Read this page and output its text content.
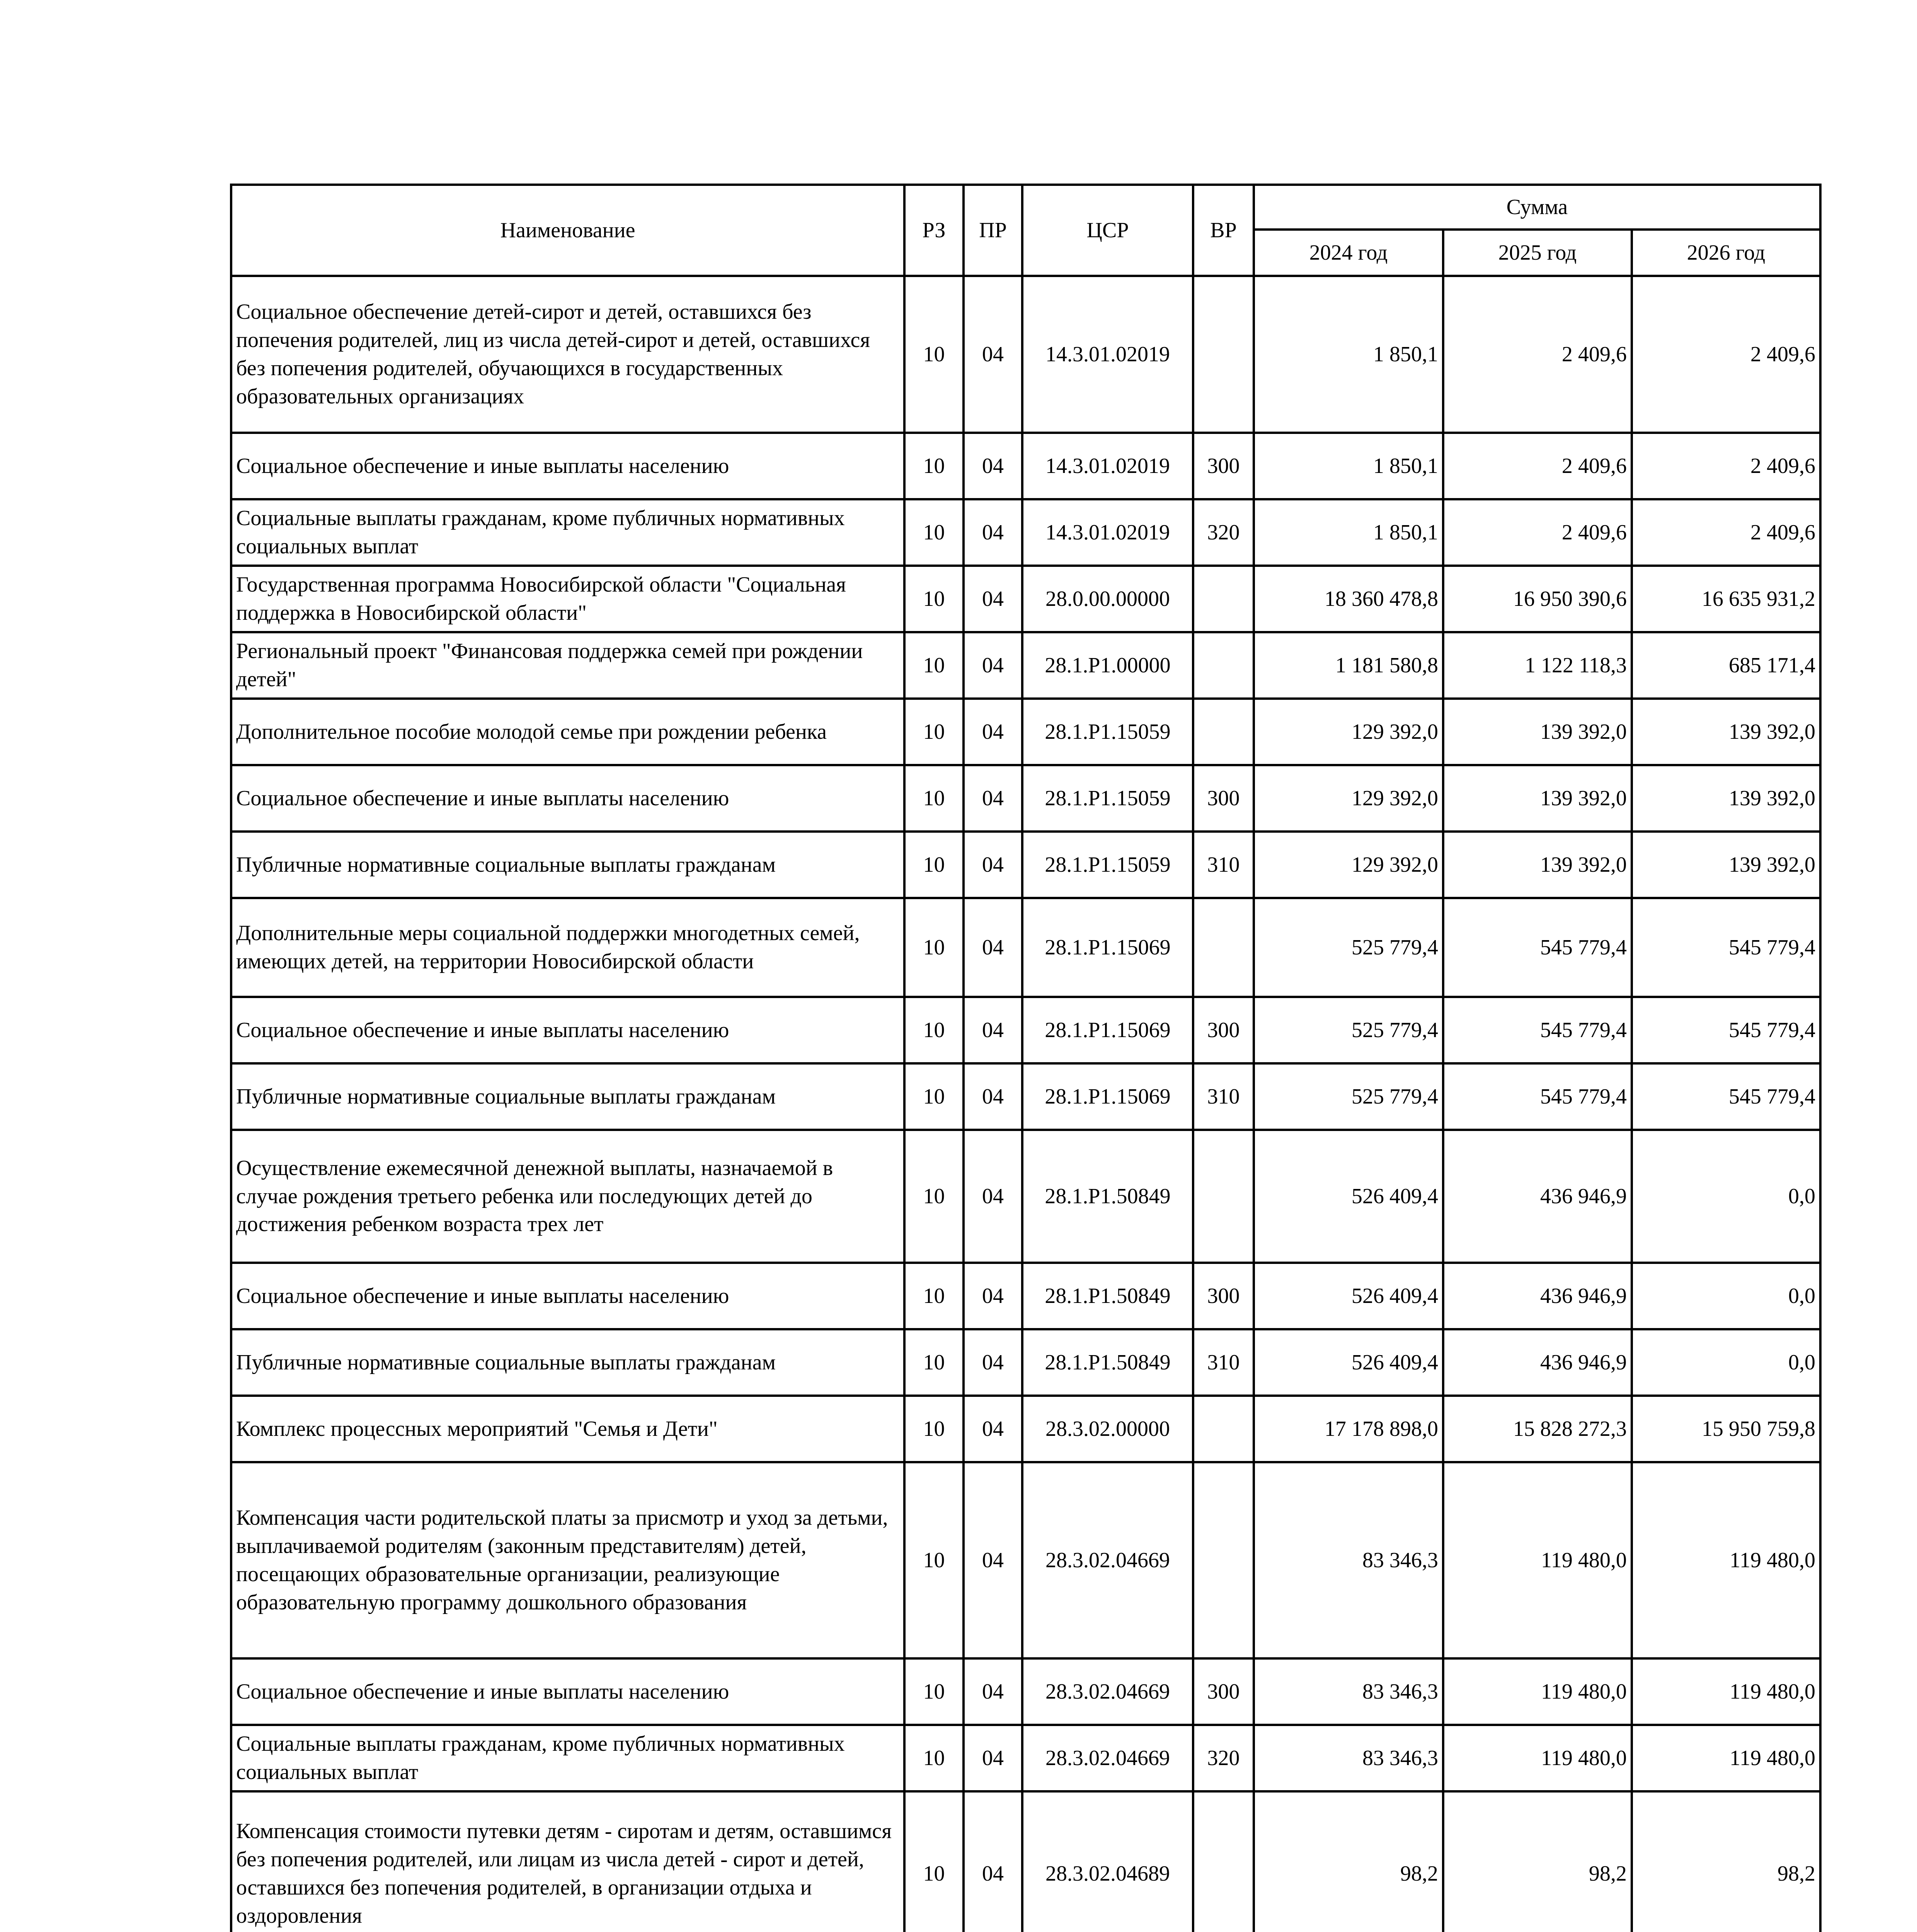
Наименование	РЗ	ПР	ЦСР	ВР	Сумма		
					2024 год	2025 год	2026 год
Социальное обеспечение детей-сирот и детей, оставшихся без попечения родителей, лиц из числа детей-сирот и детей, оставшихся без попечения родителей, обучающихся в государственных образовательных организациях	10	04	14.3.01.02019		1 850,1	2 409,6	2 409,6
Социальное обеспечение и иные выплаты населению	10	04	14.3.01.02019	300	1 850,1	2 409,6	2 409,6
Социальные выплаты гражданам, кроме публичных нормативных социальных выплат	10	04	14.3.01.02019	320	1 850,1	2 409,6	2 409,6
Государственная программа Новосибирской области "Социальная поддержка в Новосибирской области"	10	04	28.0.00.00000		18 360 478,8	16 950 390,6	16 635 931,2
Региональный проект "Финансовая поддержка семей при рождении детей"	10	04	28.1.P1.00000		1 181 580,8	1 122 118,3	685 171,4
Дополнительное пособие молодой семье при рождении ребенка	10	04	28.1.P1.15059		129 392,0	139 392,0	139 392,0
Социальное обеспечение и иные выплаты населению	10	04	28.1.P1.15059	300	129 392,0	139 392,0	139 392,0
Публичные нормативные социальные выплаты гражданам	10	04	28.1.P1.15059	310	129 392,0	139 392,0	139 392,0
Дополнительные меры социальной поддержки многодетных семей, имеющих детей, на территории Новосибирской области	10	04	28.1.P1.15069		525 779,4	545 779,4	545 779,4
Социальное обеспечение и иные выплаты населению	10	04	28.1.P1.15069	300	525 779,4	545 779,4	545 779,4
Публичные нормативные социальные выплаты гражданам	10	04	28.1.P1.15069	310	525 779,4	545 779,4	545 779,4
Осуществление ежемесячной денежной выплаты, назначаемой в случае рождения третьего ребенка или последующих детей до достижения ребенком возраста трех лет	10	04	28.1.P1.50849		526 409,4	436 946,9	0,0
Социальное обеспечение и иные выплаты населению	10	04	28.1.P1.50849	300	526 409,4	436 946,9	0,0
Публичные нормативные социальные выплаты гражданам	10	04	28.1.P1.50849	310	526 409,4	436 946,9	0,0
Комплекс процессных мероприятий "Семья и Дети"	10	04	28.3.02.00000		17 178 898,0	15 828 272,3	15 950 759,8
Компенсация части родительской платы за присмотр и уход за детьми, выплачиваемой родителям (законным представителям) детей, посещающих образовательные организации, реализующие образовательную программу дошкольного образования	10	04	28.3.02.04669		83 346,3	119 480,0	119 480,0
Социальное обеспечение и иные выплаты населению	10	04	28.3.02.04669	300	83 346,3	119 480,0	119 480,0
Социальные выплаты гражданам, кроме публичных нормативных социальных выплат	10	04	28.3.02.04669	320	83 346,3	119 480,0	119 480,0
Компенсация стоимости путевки детям - сиротам и детям, оставшимся без попечения родителей, или лицам из числа детей - сирот и детей, оставшихся без попечения родителей, в организации отдыха и оздоровления	10	04	28.3.02.04689		98,2	98,2	98,2
